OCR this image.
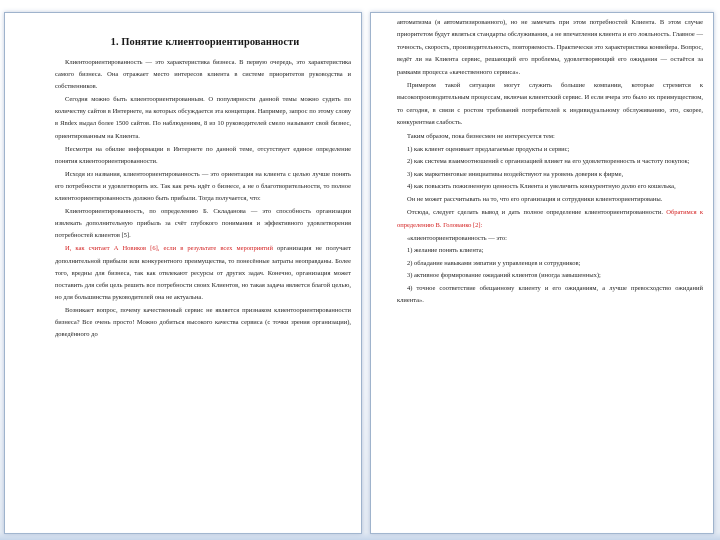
1. Понятие клиентоориентированности

Клиентоориентированность — это характеристика бизнеса. В первую очередь, это характеристика самого бизнеса. Она отражает место интересов клиента в системе приоритетов руководства и собственников.

Сегодня можно быть клиентоориентированным. О популярности данной темы можно судить по количеству сайтов в Интернете, на которых обсуждается эта концепция. Например, запрос по этому слову в Яndex выдал более 1500 сайтов. По наблюдениям, 8 из 10 руководителей смело называют свой бизнес, ориентированным на Клиента.

Несмотря на обилие информации в Интернете по данной теме, отсутствует единое определение понятия клиентоориентированности.

Исходя из названия, клиентоориентированность — это ориентация на клиента с целью лучше понять его потребности и удовлетворить их. Так как речь идёт о бизнесе, а не о благотворительности, то полное клиентоориентированность должно быть прибыли. Тогда получается, что:

Клиентоориентированность, по определению Б. Складанова — это способность организации извлекать дополнительную прибыль за счёт глубокого понимания и эффективного удовлетворения потребностей клиентов [5].

И, как считает А Новиков [6], если в результате всех мероприятий организация не получает дополнительной прибыли или конкурентного преимущества, то понесённые затраты неоправданы. Более того, вредны для бизнеса, так как отвлекают ресурсы от других задач. Конечно, организация может поставить для себя цель решить все потребности своих Клиентов, но такая задача является благой целью, но для большинства руководителей она не актуальна.

Возникает вопрос, почему качественный сервис не является признаком клиентоориентированности бизнеса? Все очень просто! Можно добиться высокого качества сервиса (с точки зрения организации), доведённого до

автоматизма (я автоматизированного), но не замечать при этом потребностей Клиента. В этом случае приоритетом будут являться стандарты обслуживания, а не впечатления клиента и его лояльность. Главное — точность, скорость, производительность, повторяемость. Практически это характеристика конвейера. Вопрос, ведёт ли на Клиента сервис, решающий его проблемы, удовлетворяющий его ожидания — остаётся за рамками процесса «качественного сервиса».

Примером такой ситуации могут служить большие компании, которые стремятся к высокопроизводительным процессам, включая клиентский сервис. И если вчера это было их преимуществом, то сегодня, в связи с ростом требований потребителей к индивидуальному обслуживанию, это, скорее, конкурентная слабость.

Таким образом, пока бизнесмен не интересуется тем:

1) как клиент оценивает предлагаемые продукты и сервис;

2) как система взаимоотношений с организацией влияет на его удовлетворенность и частоту покупок;

3) как маркетинговые инициативы воздействуют на уровень доверия к фирме,

4) как повысить пожизненную ценность Клиента и увеличить конкурентную долю его кошелька,

Он не может рассчитывать на то, что его организация и сотрудники клиентоориентированы.

Отсюда, следует сделать вывод и дать полное определение клиентоориентированности. Обратимся к определению В. Голованко [2]:

«клиентоориентированность — это:

1) желание понять клиента;

2) обладание навыками эмпатии у управленцев и сотрудников;

3) активное формирование ожиданий клиентов (иногда завышенных);

4) точное соответствие обещанному клиенту и его ожиданиям, а лучше превосходство ожиданий клиента».
